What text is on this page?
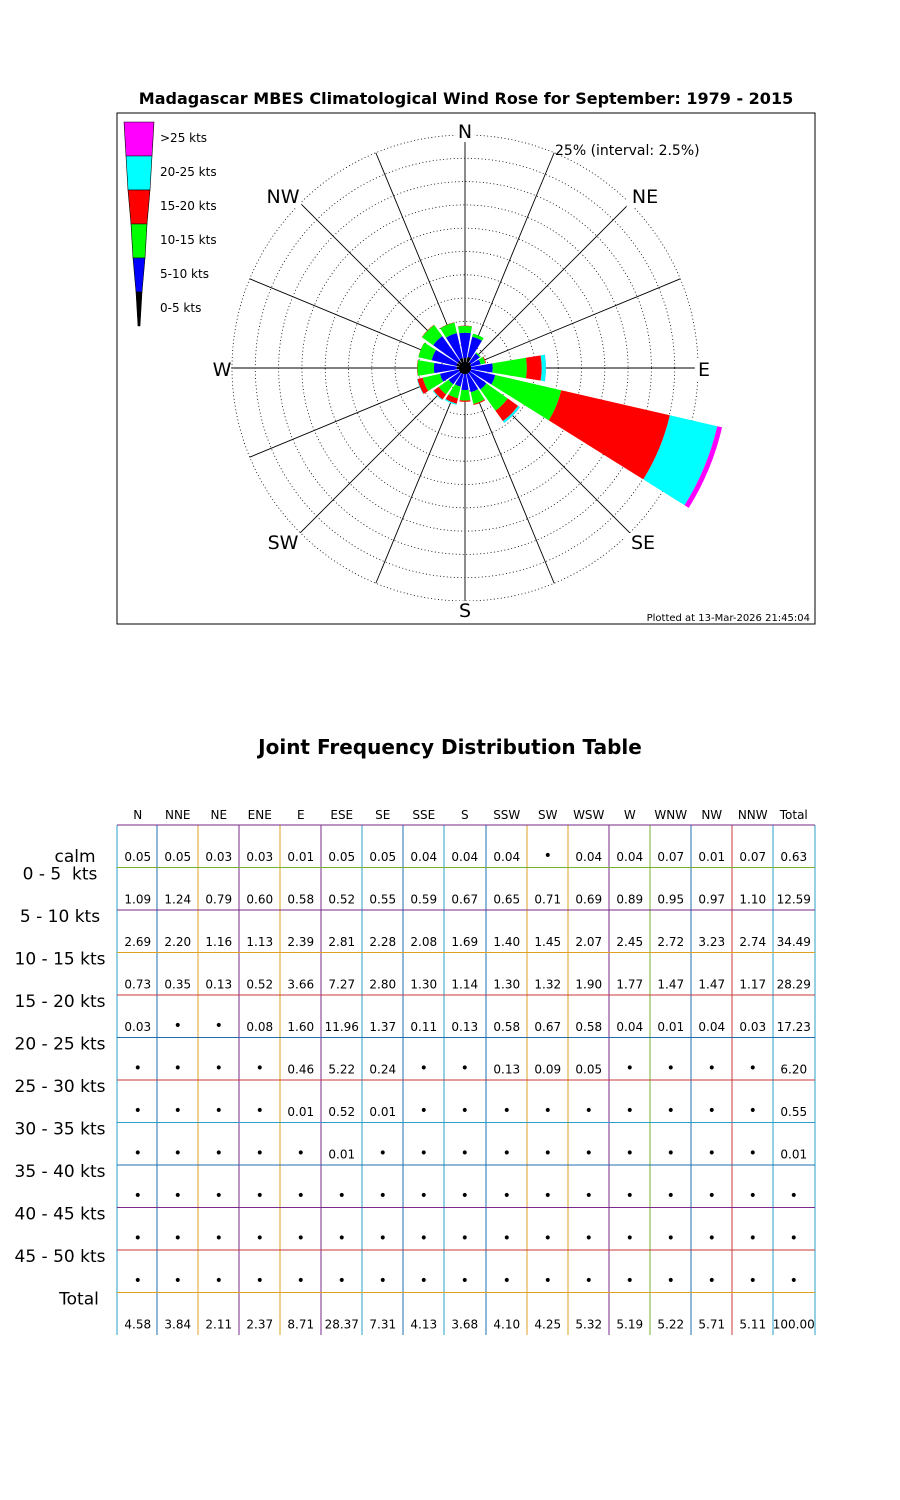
Madagascar MBES Climatological Wind Rose for September: 1979 - 2015
N
NE
E
SE
S
SW
W
NW
25% (interval: 2.5%)
>25 kts
20-25 kts
15-20 kts
10-15 kts
5-10 kts
0-5 kts
Plotted at 13-Mar-2026 21:45:04
Joint Frequency Distribution Table
N NNE NE ENE E ESE SE SSE S SSW SW WSW W WNW NW NNW Total
calm 0.05 0.05 0.03 0.03 0.01 0.05 0.05 0.04 0.04 0.04 • 0.04 0.04 0.07 0.01 0.07 0.63
0 - 5  kts
1.09 1.24 0.79 0.60 0.58 0.52 0.55 0.59 0.67 0.65 0.71 0.69 0.89 0.95 0.97 1.10 12.59
5 - 10 kts
2.69 2.20 1.16 1.13 2.39 2.81 2.28 2.08 1.69 1.40 1.45 2.07 2.45 2.72 3.23 2.74 34.49
10 - 15 kts
0.73 0.35 0.13 0.52 3.66 7.27 2.80 1.30 1.14 1.30 1.32 1.90 1.77 1.47 1.47 1.17 28.29
15 - 20 kts
0.03 • • 0.08 1.60 11.96 1.37 0.11 0.13 0.58 0.67 0.58 0.04 0.01 0.04 0.03 17.23
20 - 25 kts
• • • • 0.46 5.22 0.24 • • 0.13 0.09 0.05 • • • • 6.20
25 - 30 kts
• • • • 0.01 0.52 0.01 • • • • • • • • • 0.55
30 - 35 kts
• • • • • 0.01 • • • • • • • • • • 0.01
35 - 40 kts
• • • • • • • • • • • • • • • • •
40 - 45 kts
• • • • • • • • • • • • • • • • •
45 - 50 kts
• • • • • • • • • • • • • • • • •
Total
4.58 3.84 2.11 2.37 8.71 28.37 7.31 4.13 3.68 4.10 4.25 5.32 5.19 5.22 5.71 5.11 100.00
